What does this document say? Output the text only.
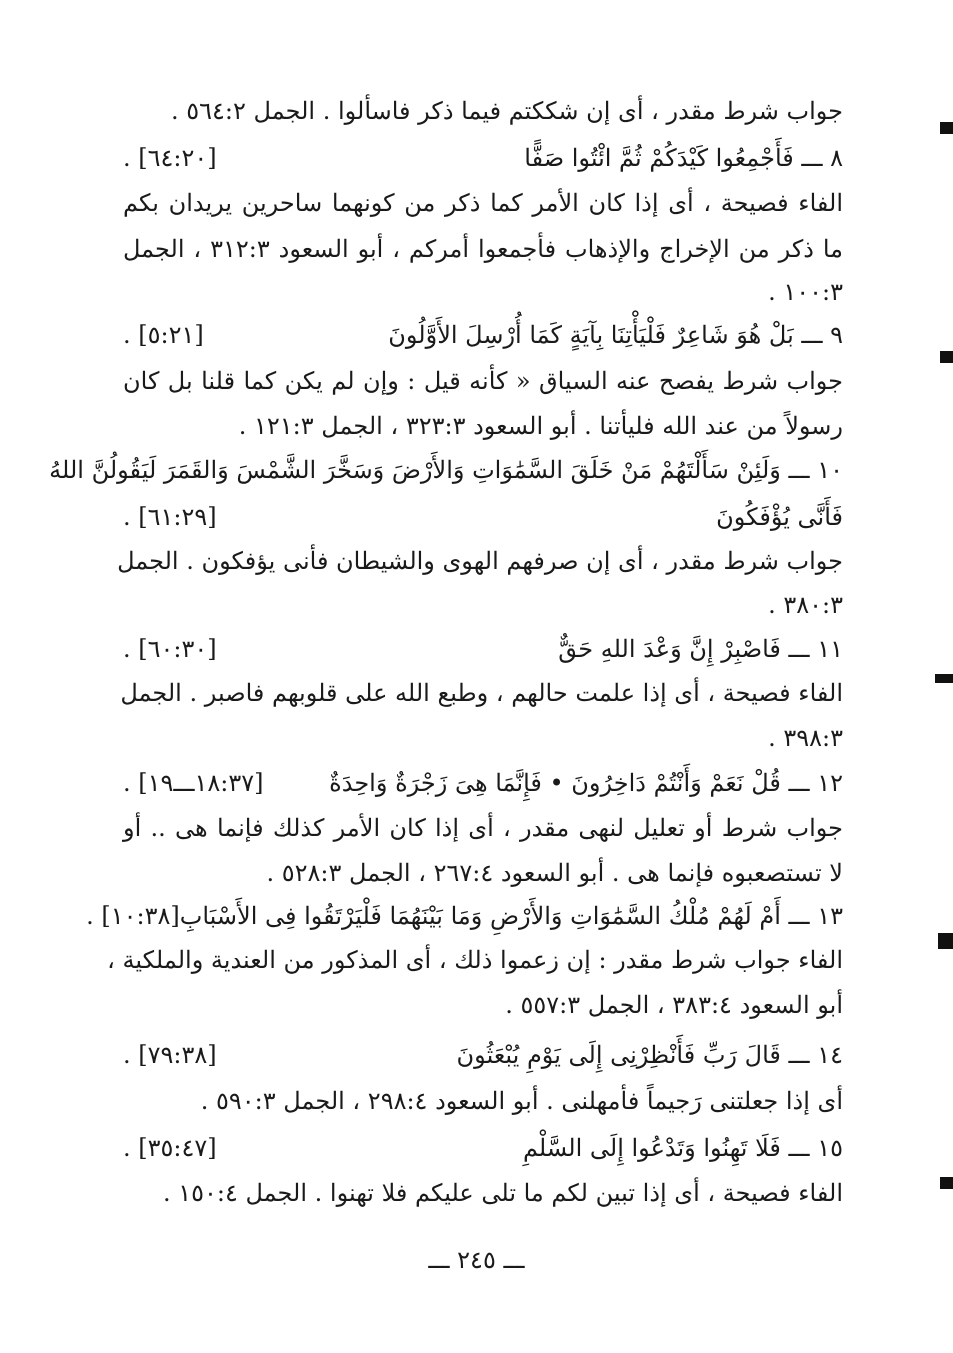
جواب شرط مقدر ، أى إن شككتم فيما ذكر فاسألوا . الجمل ٥٦٤:٢ .
٨ ـــ فَأَجْمِعُوا كَيْدَكُمْ ثُمَّ ائْتُوا صَفًّا
[٦٤:٢٠] .
الفاء فصيحة ، أى إذا كان الأمر كما ذكر من كونهما ساحرين يريدان بكم
ما ذكر من الإخراج والإذهاب فأجمعوا أمركم ، أبو السعود ٣١٢:٣ ، الجمل
١٠٠:٣ .
٩ ـــ بَلْ هُوَ شَاعِرٌ فَلْيَأْتِنَا بِآيَةٍ كَمَا أُرْسِلَ الأَوَّلُونَ
[٥:٢١] .
جواب شرط يفصح عنه السياق « كأنه قيل : وإن لم يكن كما قلنا بل كان
رسولاً من عند الله فليأتنا . أبو السعود ٣٢٣:٣ ، الجمل ١٢١:٣ .
١٠ ـــ وَلَئِنْ سَأَلْتَهُمْ مَنْ خَلَقَ السَّمَٰوَاتِ وَالأَرْضَ وَسَخَّرَ الشَّمْسَ وَالقَمَرَ لَيَقُولُنَّ اللهُ
فَأَنَّى يُؤْفَكُونَ
[٦١:٢٩] .
جواب شرط مقدر ، أى إن صرفهم الهوى والشيطان فأنى يؤفكون . الجمل
٣٨٠:٣ .
١١ ـــ فَاصْبِرْ إِنَّ وَعْدَ اللهِ حَقٌّ
[٦٠:٣٠] .
الفاء فصيحة ، أى إذا علمت حالهم ، وطبع الله على قلوبهم فاصبر . الجمل
٣٩٨:٣ .
١٢ ـــ قُلْ نَعَمْ وَأَنْتُمْ دَاخِرُونَ • فَإِنَّمَا هِىَ زَجْرَةٌ وَاحِدَةٌ
[١٨:٣٧ـــ١٩] .
جواب شرط أو تعليل لنهى مقدر ، أى إذا كان الأمر كذلك فإنما هى .. أو
لا تستصعبوه فإنما هى . أبو السعود ٢٦٧:٤ ، الجمل ٥٢٨:٣ .
١٣ ـــ أَمْ لَهُمْ مُلْكُ السَّمَٰوَاتِ وَالأَرْضِ وَمَا بَيْنَهُمَا فَلْيَرْتَقُوا فِى الأَسْبَابِ[١٠:٣٨] .
الفاء جواب شرط مقدر : إن زعموا ذلك ، أى المذكور من العندية والملكية ،
أبو السعود ٣٨٣:٤ ، الجمل ٥٥٧:٣ .
١٤ ـــ قَالَ رَبِّ فَأَنْظِرْنِى إِلَى يَوْمِ يُبْعَثُونَ
[٧٩:٣٨] .
أى إذا جعلتنى رَجيماً فأمهلنى . أبو السعود ٢٩٨:٤ ، الجمل ٥٩٠:٣ .
١٥ ـــ فَلَا تَهِنُوا وَتَدْعُوا إِلَى السَّلْمِ
[٣٥:٤٧] .
الفاء فصيحة ، أى إذا تبين لكم ما تلى عليكم فلا تهنوا . الجمل ١٥٠:٤ .
ـــ ٢٤٥ ـــ
